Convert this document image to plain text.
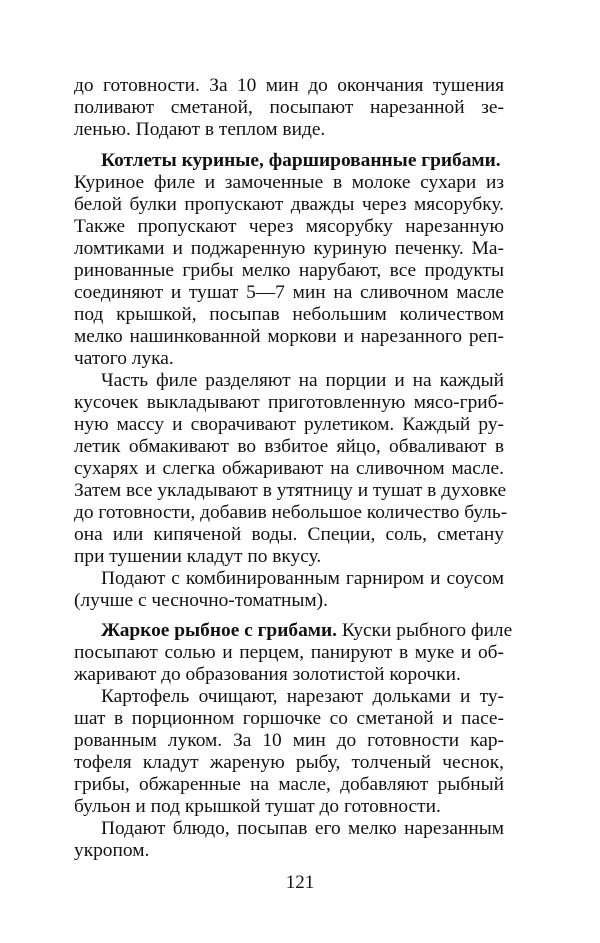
до готовности. За 10 мин до окончания тушения
поливают сметаной, посыпают нарезанной зе-
ленью. Подают в теплом виде.
Котлеты куриные, фаршированные грибами.
Куриное филе и замоченные в молоке сухари из
белой булки пропускают дважды через мясорубку.
Также пропускают через мясорубку нарезанную
ломтиками и поджаренную куриную печенку. Ма-
ринованные грибы мелко нарубают, все продукты
соединяют и тушат 5—7 мин на сливочном масле
под крышкой, посыпав небольшим количеством
мелко нашинкованной моркови и нарезанного реп-
чатого лука.
Часть филе разделяют на порции и на каждый
кусочек выкладывают приготовленную мясо-гриб-
ную массу и сворачивают рулетиком. Каждый ру-
летик обмакивают во взбитое яйцо, обваливают в
сухарях и слегка обжаривают на сливочном масле.
Затем все укладывают в утятницу и тушат в духовке
до готовности, добавив небольшое количество буль-
она или кипяченой воды. Специи, соль, сметану
при тушении кладут по вкусу.
Подают с комбинированным гарниром и соусом
(лучше с чесночно-томатным).
Жаркое рыбное с грибами. Куски рыбного филе
посыпают солью и перцем, панируют в муке и об-
жаривают до образования золотистой корочки.
Картофель очищают, нарезают дольками и ту-
шат в порционном горшочке со сметаной и пасе-
рованным луком. За 10 мин до готовности кар-
тофеля кладут жареную рыбу, толченый чеснок,
грибы, обжаренные на масле, добавляют рыбный
бульон и под крышкой тушат до готовности.
Подают блюдо, посыпав его мелко нарезанным
укропом.
121
